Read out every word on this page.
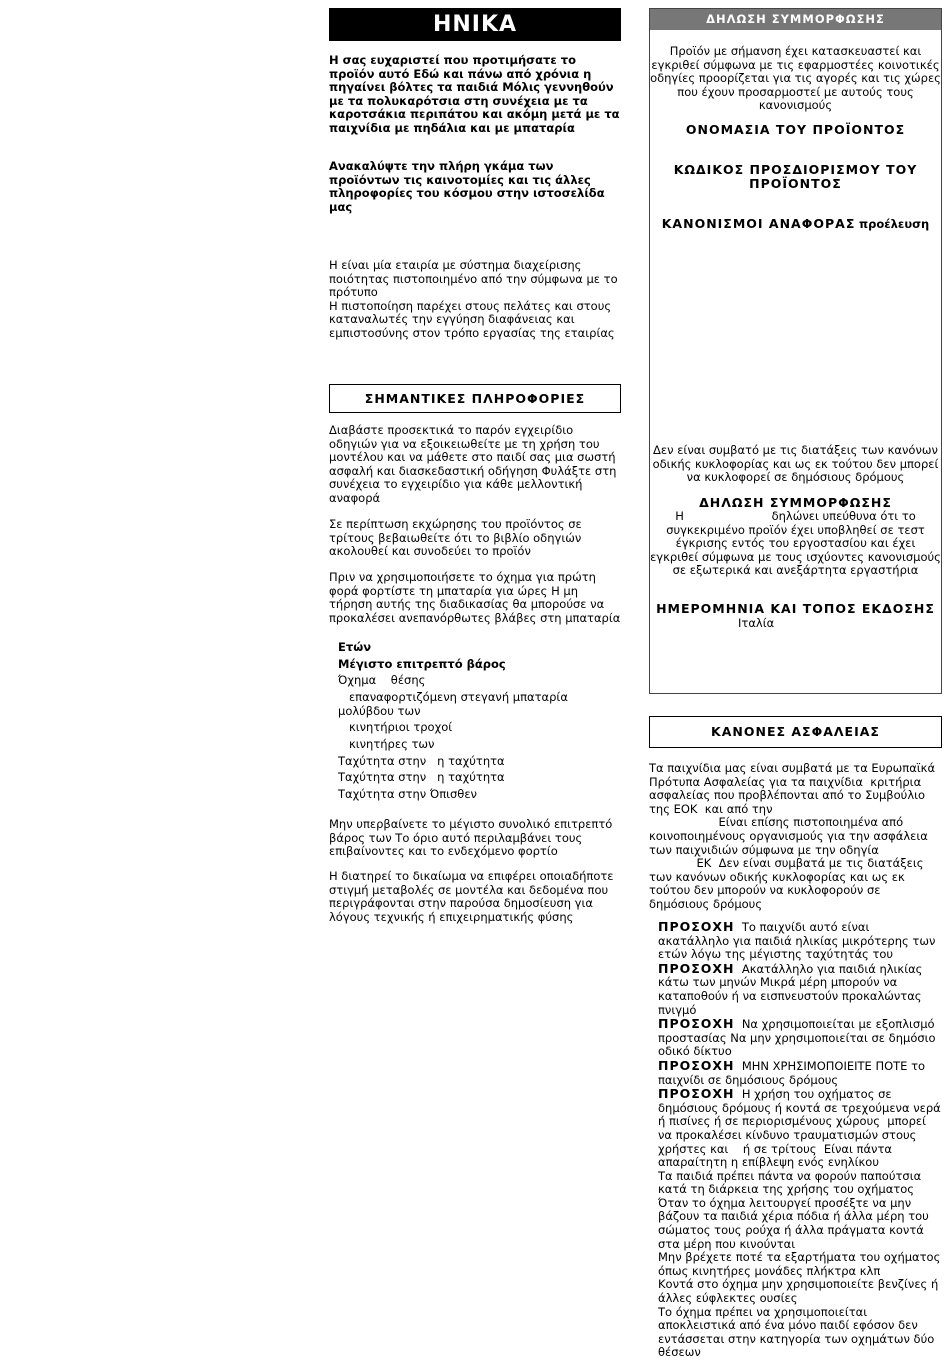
HNIKA

Η σας ευχαριστεί που προτιμήσατε το προϊόν αυτό Εδώ και πάνω από χρόνια η πηγαίνει βόλτες τα παιδιά Μόλις γεννηθούν με τα πολυκαρότσια στη συνέχεια με τα καροτσάκια περιπάτου και ακόμη μετά με τα παιχνίδια με πηδάλια και με μπαταρία

Ανακαλύψτε την πλήρη γκάμα των προϊόντων τις καινοτομίες και τις άλλες πληροφορίες του κόσμου στην ιστοσελίδα μας

Η είναι μία εταιρία με σύστημα διαχείρισης ποιότητας πιστοποιημένο από την σύμφωνα με το πρότυπο
Η πιστοποίηση παρέχει στους πελάτες και στους καταναλωτές την εγγύηση διαφάνειας και εμπιστοσύνης στον τρόπο εργασίας της εταιρίας

ΣΗΜΑΝΤΙΚΕΣ ΠΛΗΡΟΦΟΡΙΕΣ

Διαβάστε προσεκτικά το παρόν εγχειρίδιο οδηγιών για να εξοικειωθείτε με τη χρήση του μοντέλου και να μάθετε στο παιδί σας μια σωστή ασφαλή και διασκεδαστική οδήγηση Φυλάξτε στη συνέχεια το εγχειρίδιο για κάθε μελλοντική αναφορά

Σε περίπτωση εκχώρησης του προϊόντος σε τρίτους βεβαιωθείτε ότι το βιβλίο οδηγιών ακολουθεί και συνοδεύει το προϊόν

Πριν να χρησιμοποιήσετε το όχημα για πρώτη φορά φορτίστε τη μπαταρία για ώρες Η μη τήρηση αυτής της διαδικασίας θα μπορούσε να προκαλέσει ανεπανόρθωτες βλάβες στη μπαταρία

Ετών

Μέγιστο επιτρεπτό βάρος

Όχημα    θέσης

επαναφορτιζόμενη στεγανή μπαταρία μολύβδου των

κινητήριοι τροχοί

κινητήρες των

Ταχύτητα στην   η ταχύτητα

Ταχύτητα στην   η ταχύτητα

Ταχύτητα στην Όπισθεν

Μην υπερβαίνετε το μέγιστο συνολικό επιτρεπτό βάρος των Το όριο αυτό περιλαμβάνει τους επιβαίνοντες και το ενδεχόμενο φορτίο

Η διατηρεί το δικαίωμα να επιφέρει οποιαδήποτε στιγμή μεταβολές σε μοντέλα και δεδομένα που περιγράφονται στην παρούσα δημοσίευση για λόγους τεχνικής ή επιχειρηματικής φύσης

ΔΗΛΩΣΗ ΣΥΜΜΟΡΦΩΣΗΣ

Προϊόν με σήμανση έχει κατασκευαστεί και εγκριθεί σύμφωνα με τις εφαρμοστέες κοινοτικές οδηγίες προορίζεται για τις αγορές και τις χώρες που έχουν προσαρμοστεί με αυτούς τους κανονισμούς

ΟΝΟΜΑΣΙΑ ΤΟΥ ΠΡΟΪΟΝΤΟΣ

ΚΩΔΙΚΟΣ ΠΡΟΣΔΙΟΡΙΣΜΟΥ ΤΟΥ ΠΡΟΪΟΝΤΟΣ

ΚΑΝΟΝΙΣΜΟΙ ΑΝΑΦΟΡΑΣ προέλευση

Δεν είναι συμβατό με τις διατάξεις των κανόνων οδικής κυκλοφορίας και ως εκ τούτου δεν μπορεί να κυκλοφορεί σε δημόσιους δρόμους

ΔΗΛΩΣΗ ΣΥΜΜΟΡΦΩΣΗΣ

Η                        δηλώνει υπεύθυνα ότι το συγκεκριμένο προϊόν έχει υποβληθεί σε τεστ έγκρισης εντός του εργοστασίου και έχει εγκριθεί σύμφωνα με τους ισχύοντες κανονισμούς σε εξωτερικά και ανεξάρτητα εργαστήρια

ΗΜΕΡΟΜΗΝΙΑ ΚΑΙ ΤΟΠΟΣ ΕΚΔΟΣΗΣ

Ιταλία

ΚΑΝΟΝΕΣ ΑΣΦΑΛΕΙΑΣ

Τα παιχνίδια μας είναι συμβατά με τα Ευρωπαϊκά Πρότυπα Ασφαλείας για τα παιχνίδια  κριτήρια ασφαλείας που προβλέπονται από το Συμβούλιο της ΕΟΚ  και από την
Είναι επίσης πιστοποιημένα από κοινοποιημένους οργανισμούς για την ασφάλεια των παιχνιδιών σύμφωνα με την οδηγία
ΕΚ  Δεν είναι συμβατά με τις διατάξεις των κανόνων οδικής κυκλοφορίας και ως εκ τούτου δεν μπορούν να κυκλοφορούν σε δημόσιους δρόμους

ΠΡΟΣΟΧΗ Το παιχνίδι αυτό είναι ακατάλληλο για παιδιά ηλικίας μικρότερης των ετών λόγω της μέγιστης ταχύτητάς του

ΠΡΟΣΟΧΗ Ακατάλληλο για παιδιά ηλικίας κάτω των μηνών Μικρά μέρη μπορούν να καταποθούν ή να εισπνευστούν προκαλώντας πνιγμό

ΠΡΟΣΟΧΗ Να χρησιμοποιείται με εξοπλισμό προστασίας Να μην χρησιμοποιείται σε δημόσιο οδικό δίκτυο

ΠΡΟΣΟΧΗ ΜΗΝ ΧΡΗΣΙΜΟΠΟΙΕΙΤΕ ΠΟΤΕ το παιχνίδι σε δημόσιους δρόμους

ΠΡΟΣΟΧΗ Η χρήση του οχήματος σε δημόσιους δρόμους ή κοντά σε τρεχούμενα νερά ή πισίνες ή σε περιορισμένους χώρους  μπορεί να προκαλέσει κίνδυνο τραυματισμών στους χρήστες και    ή σε τρίτους  Είναι πάντα απαραίτητη η επίβλεψη ενός ενηλίκου

Τα παιδιά πρέπει πάντα να φορούν παπούτσια κατά τη διάρκεια της χρήσης του οχήματος

Όταν το όχημα λειτουργεί προσέξτε να μην βάζουν τα παιδιά χέρια πόδια ή άλλα μέρη του σώματος τους ρούχα ή άλλα πράγματα κοντά στα μέρη που κινούνται

Μην βρέχετε ποτέ τα εξαρτήματα του οχήματος όπως κινητήρες μονάδες πλήκτρα κλπ

Κοντά στο όχημα μην χρησιμοποιείτε βενζίνες ή άλλες εύφλεκτες ουσίες

Το όχημα πρέπει να χρησιμοποιείται αποκλειστικά από ένα μόνο παιδί εφόσον δεν εντάσσεται στην κατηγορία των οχημάτων δύο θέσεων
